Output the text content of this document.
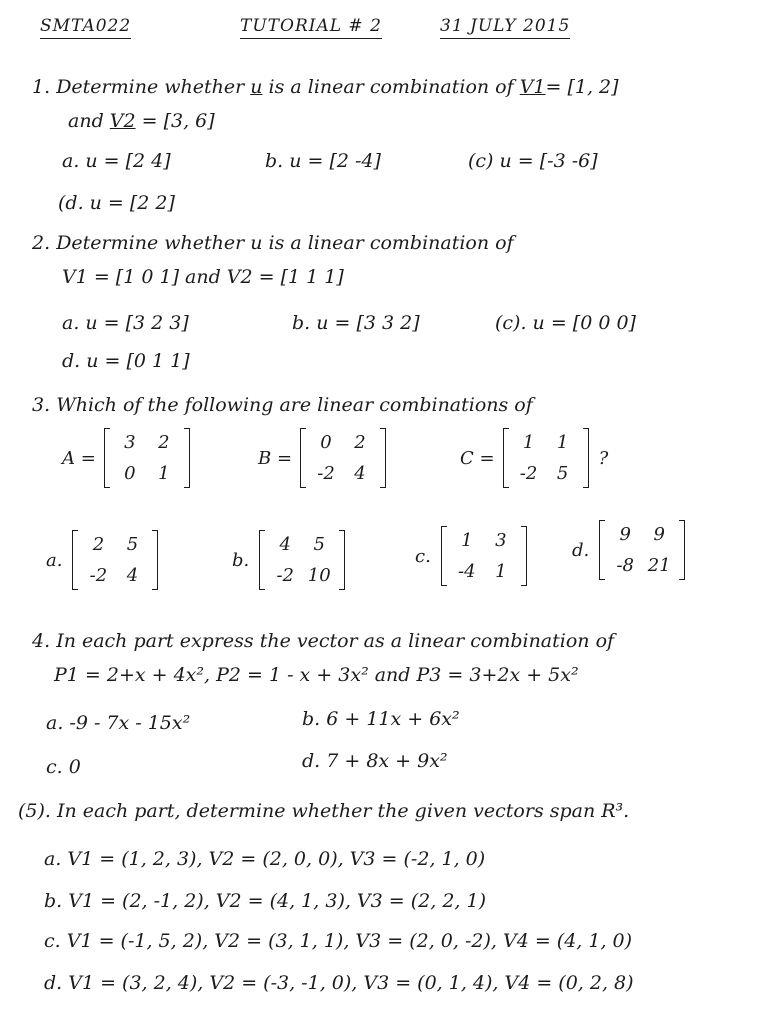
SMTA022	TUTORIAL # 2	31 JULY 2015
1. Determine whether u is a linear combination of V1= [1, 2]
and V2 = [3, 6]
a. u = [2 4]	b. u = [2 -4]	(c) u = [-3 -6]
(d. u = [2 2]
2. Determine whether u is a linear combination of
V1 = [1 0 1] and V2 = [1 1 1]
a. u = [3 2 3]	b. u = [3 3 2]	(c). u = [0 0 0]
d. u = [0 1 1]
3. Which of the following are linear combinations of
A =
3	2
0	1
B =
0	2
-2	4
C =
1	1
-2	5
?
a.
2	5
-2	4
b.
4	5
-2 10
c.
1	3
-4	1
d.
9	9
-8 21
4. In each part express the vector as a linear combination of
P1 = 2+x + 4x², P2 = 1 - x + 3x² and P3 = 3+2x + 5x²
a. -9 - 7x - 15x²	b. 6 + 11x + 6x²
c. 0	d. 7 + 8x + 9x²
(5). In each part, determine whether the given vectors span R³.
a. V1 = (1, 2, 3), V2 = (2, 0, 0), V3 = (-2, 1, 0)
b. V1 = (2, -1, 2), V2 = (4, 1, 3), V3 = (2, 2, 1)
c. V1 = (-1, 5, 2), V2 = (3, 1, 1), V3 = (2, 0, -2), V4 = (4, 1, 0)
d. V1 = (3, 2, 4), V2 = (-3, -1, 0), V3 = (0, 1, 4), V4 = (0, 2, 8)
